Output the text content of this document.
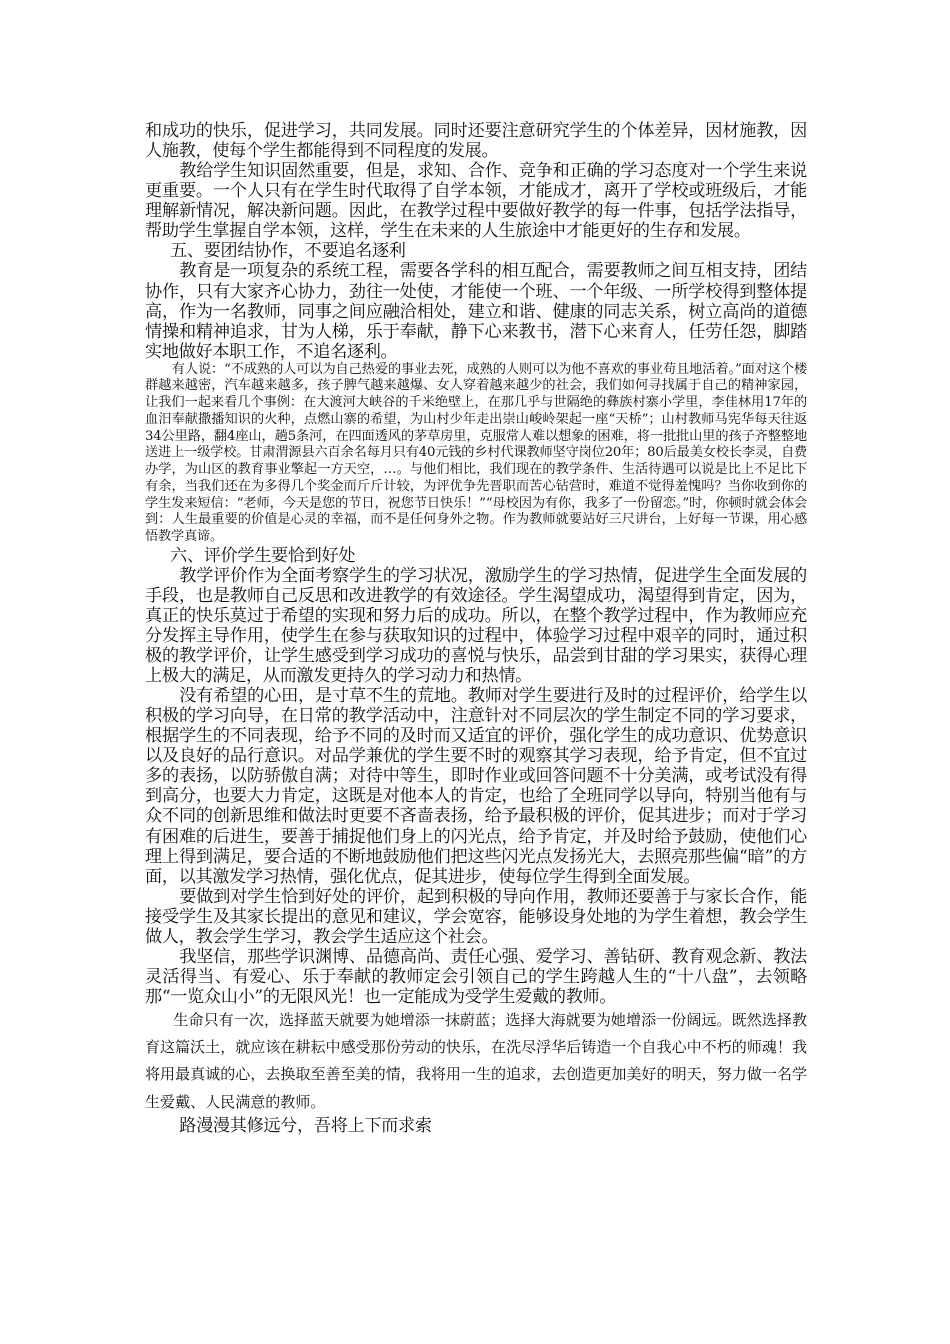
和成功的快乐，促进学习，共同发展。同时还要注意研究学生的个体差异，因材施教，因人施教，使每个学生都能得到不同程度的发展。

教给学生知识固然重要，但是，求知、合作、竞争和正确的学习态度对一个学生来说更重要。一个人只有在学生时代取得了自学本领，才能成才，离开了学校或班级后，才能理解新情况，解决新问题。因此，在教学过程中要做好教学的每一件事，包括学法指导，帮助学生掌握自学本领，这样，学生在未来的人生旅途中才能更好的生存和发展。

五、要团结协作，不要追名逐利

教育是一项复杂的系统工程，需要各学科的相互配合，需要教师之间互相支持，团结协作，只有大家齐心协力，劲往一处使，才能使一个班、一个年级、一所学校得到整体提高，作为一名教师，同事之间应融洽相处，建立和谐、健康的同志关系，树立高尚的道德情操和精神追求，甘为人梯，乐于奉献，静下心来教书，潜下心来育人，任劳任怨，脚踏实地做好本职工作，不追名逐利。

有人说：“不成熟的人可以为自己热爱的事业去死，成熟的人则可以为他不喜欢的事业苟且地活着。”面对这个楼群越来越密，汽车越来越多，孩子脾气越来越爆、女人穿着越来越少的社会，我们如何寻找属于自己的精神家园，让我们一起来看几个事例：在大渡河大峡谷的千米绝壁上，在那几乎与世隔绝的彝族村寨小学里，李佳林用17年的血汨奉献撒播知识的火种，点燃山寨的希望，为山村少年走出崇山峻岭架起一座“天桥”；山村教师马宪华每天往返34公里路，翻4座山，趟5条河，在四面透风的茅草房里，克服常人难以想象的困难，将一批批山里的孩子齐整整地送进上一级学校。甘肃渭源县六百余名每月只有40元钱的乡村代课教师坚守岗位20年；80后最美女校长李灵，自费办学，为山区的教育事业擎起一方天空，…。与他们相比，我们现在的教学条件、生活待遇可以说是比上不足比下有余，当我们还在为多得几个奖金而斤斤计较，为评优争先晋职而苦心钻营时，难道不觉得羞愧吗？当你收到你的学生发来短信：“老师，今天是您的节日，祝您节日快乐！”“母校因为有你，我多了一份留恋。”时，你顿时就会体会到：人生最重要的价值是心灵的幸福，而不是任何身外之物。作为教师就要站好三尺讲台，上好每一节课，用心感悟教学真谛。

六、评价学生要恰到好处

教学评价作为全面考察学生的学习状况，激励学生的学习热情，促进学生全面发展的手段，也是教师自己反思和改进教学的有效途径。学生渴望成功，渴望得到肯定，因为，真正的快乐莫过于希望的实现和努力后的成功。所以，在整个教学过程中，作为教师应充分发挥主导作用，使学生在参与获取知识的过程中，体验学习过程中艰辛的同时，通过积极的教学评价，让学生感受到学习成功的喜悦与快乐，品尝到甘甜的学习果实，获得心理上极大的满足，从而激发更持久的学习动力和热情。

没有希望的心田，是寸草不生的荒地。教师对学生要进行及时的过程评价，给学生以积极的学习向导，在日常的教学活动中，注意针对不同层次的学生制定不同的学习要求，根据学生的不同表现，给予不同的及时而又适宜的评价，强化学生的成功意识、优势意识以及良好的品行意识。对品学兼优的学生要不时的观察其学习表现，给予肯定，但不宜过多的表扬，以防骄傲自满；对待中等生，即时作业或回答问题不十分美满，或考试没有得到高分，也要大力肯定，这既是对他本人的肯定，也给了全班同学以导向，特别当他有与众不同的创新思维和做法时更要不吝啬表扬，给予最积极的评价，促其进步；而对于学习有困难的后进生，要善于捕捉他们身上的闪光点，给予肯定，并及时给予鼓励，使他们心理上得到满足，要合适的不断地鼓励他们把这些闪光点发扬光大，去照亮那些偏“暗”的方面，以其激发学习热情，强化优点，促其进步，使每位学生得到全面发展。

要做到对学生恰到好处的评价，起到积极的导向作用，教师还要善于与家长合作，能接受学生及其家长提出的意见和建议，学会宽容，能够设身处地的为学生着想，教会学生做人，教会学生学习，教会学生适应这个社会。

我坚信，那些学识渊博、品德高尚、责任心强、爱学习、善钻研、教育观念新、教法灵活得当、有爱心、乐于奉献的教师定会引领自己的学生跨越人生的“十八盘”，去领略那“一览众山小”的无限风光！也一定能成为受学生爱戴的教师。

生命只有一次，选择蓝天就要为她增添一抹蔚蓝；选择大海就要为她增添一份阔远。既然选择教育这篇沃土，就应该在耕耘中感受那份劳动的快乐，在洗尽浮华后铸造一个自我心中不朽的师魂！我将用最真诚的心，去换取至善至美的情，我将用一生的追求，去创造更加美好的明天，努力做一名学生爱戴、人民满意的教师。

路漫漫其修远兮，吾将上下而求索
